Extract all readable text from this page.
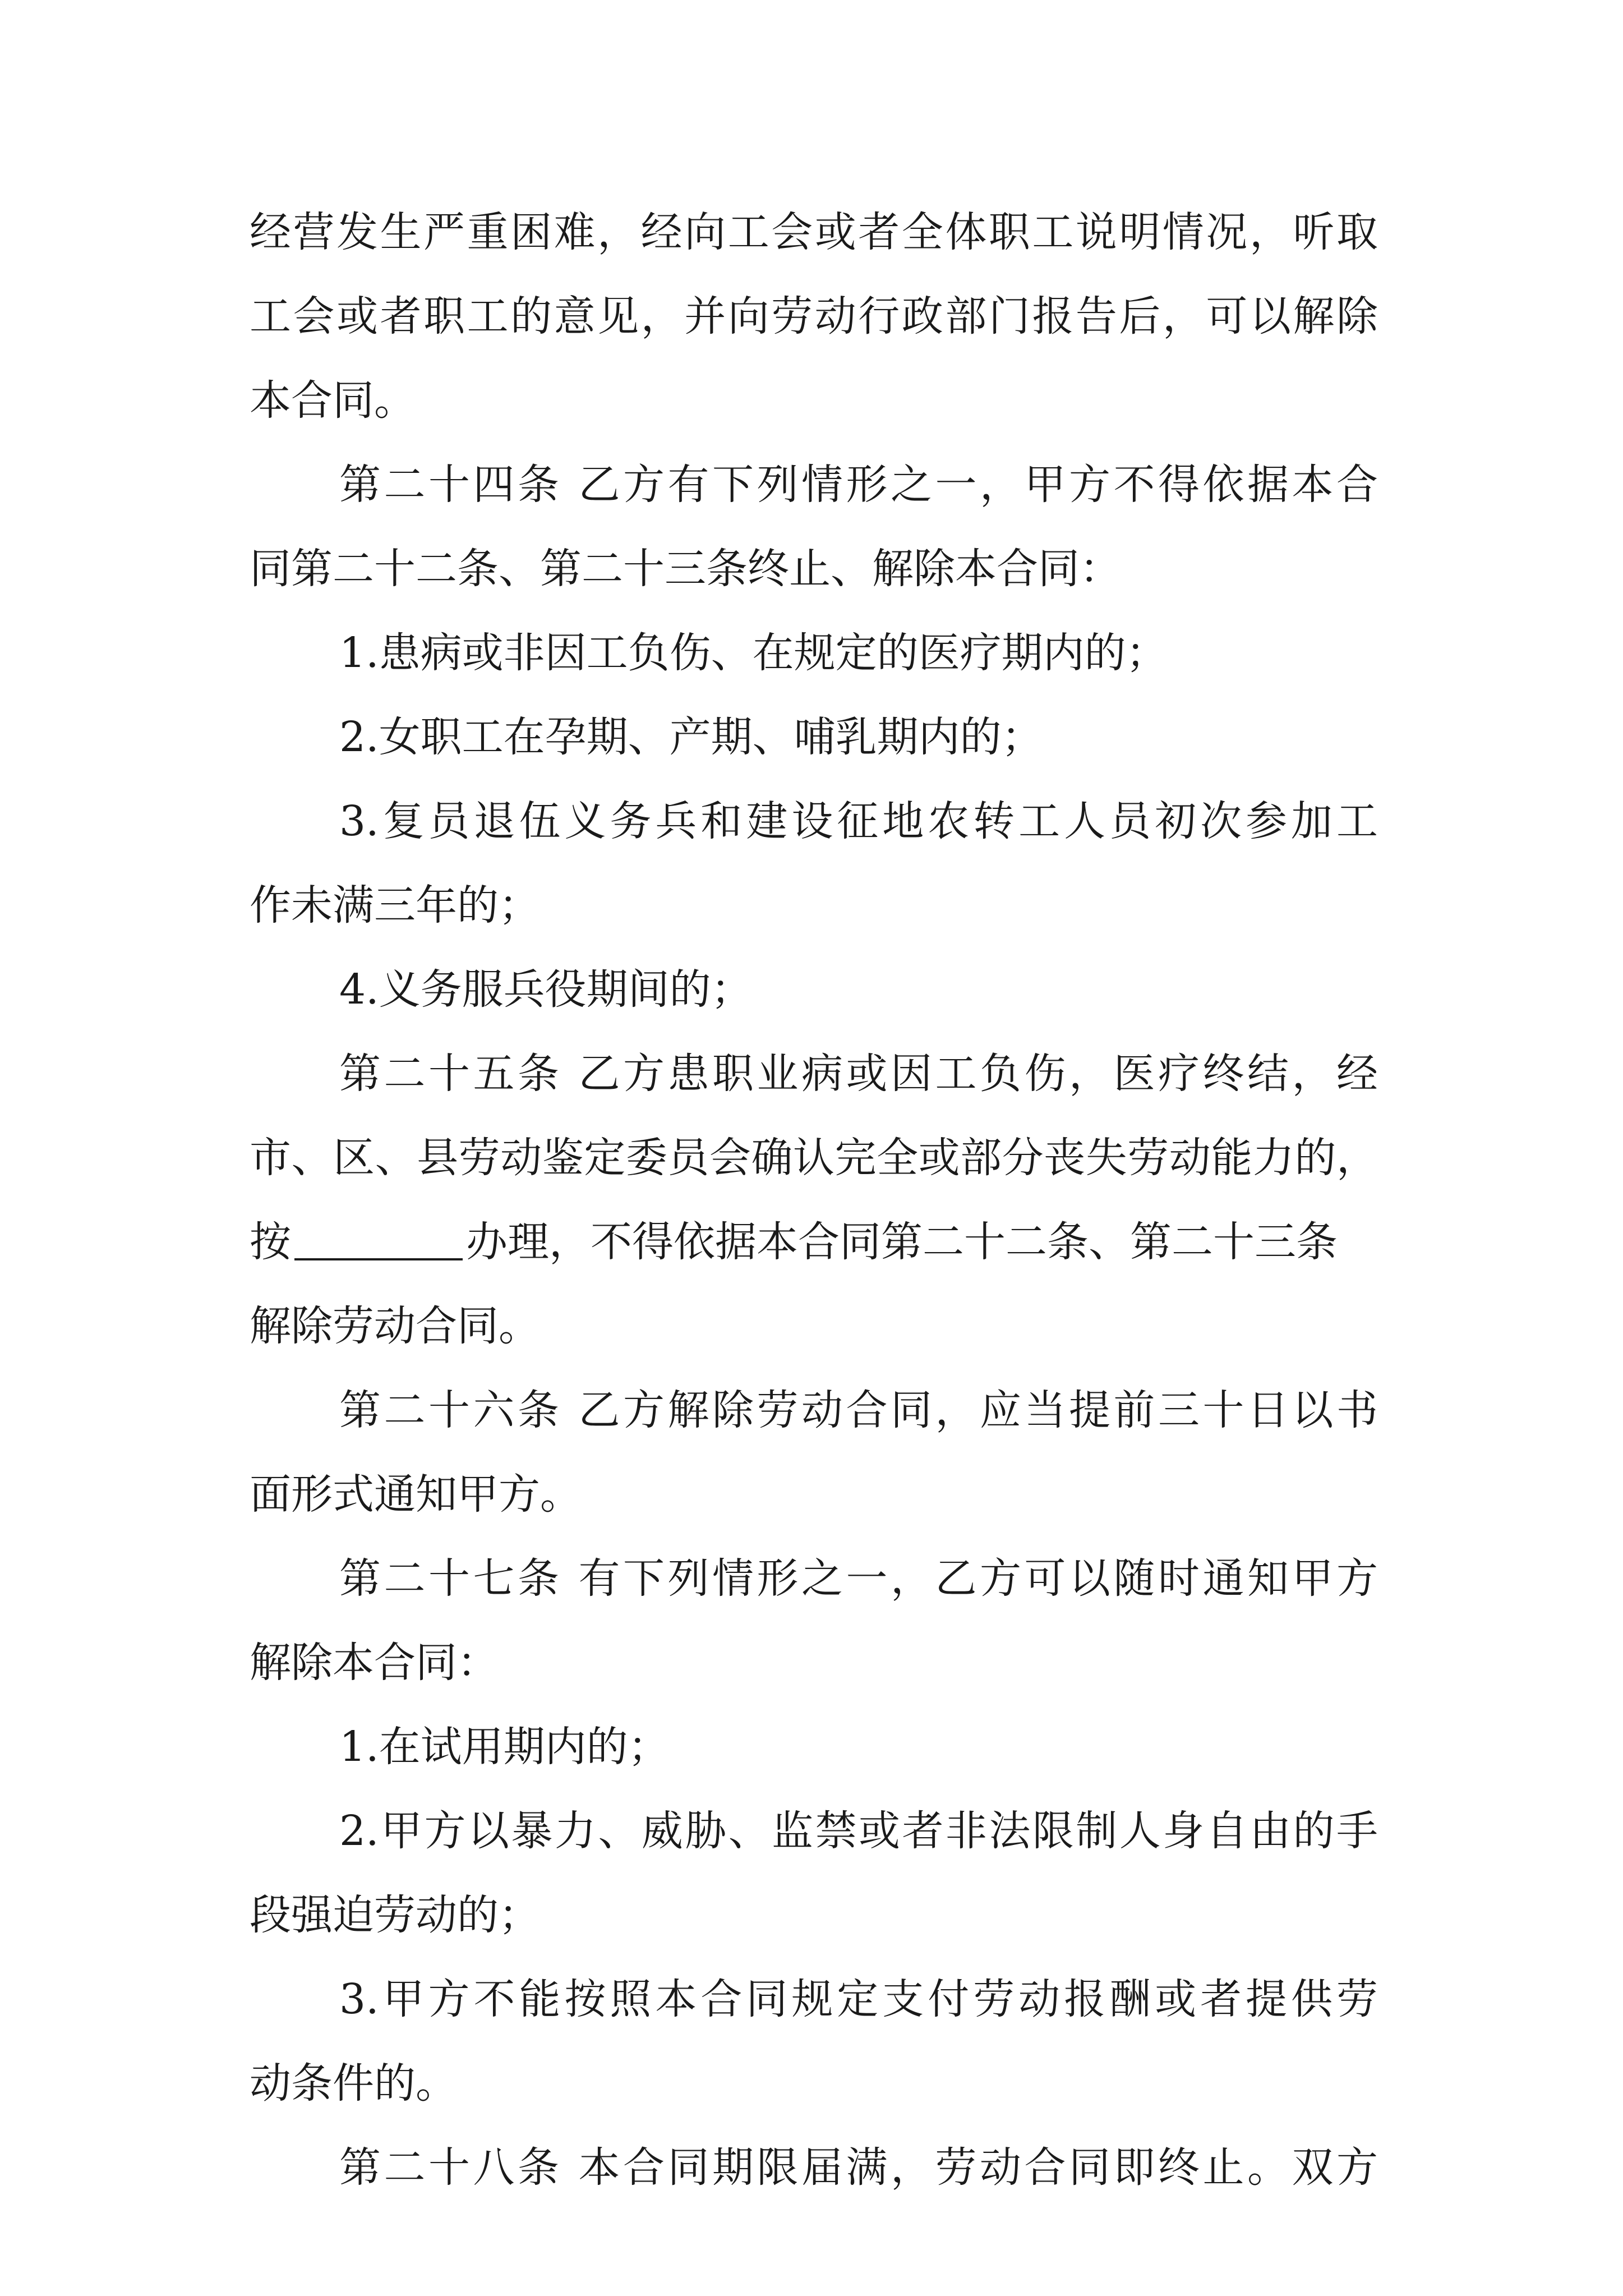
经营发生严重困难，经向工会或者全体职工说明情况，听取
工会或者职工的意见，并向劳动行政部门报告后，可以解除
本合同。
第二十四条 乙方有下列情形之一，甲方不得依据本合
同第二十二条、第二十三条终止、解除本合同：
1.患病或非因工负伤、在规定的医疗期内的；
2.女职工在孕期、产期、哺乳期内的；
3.复员退伍义务兵和建设征地农转工人员初次参加工
作未满三年的；
4.义务服兵役期间的；
第二十五条 乙方患职业病或因工负伤，医疗终结，经
市、区、县劳动鉴定委员会确认完全或部分丧失劳动能力的，
按	办理，不得依据本合同第二十二条、第二十三条
解除劳动合同。
第二十六条 乙方解除劳动合同，应当提前三十日以书
面形式通知甲方。
第二十七条 有下列情形之一，乙方可以随时通知甲方
解除本合同：
1.在试用期内的；
2.甲方以暴力、威胁、监禁或者非法限制人身自由的手
段强迫劳动的；
3.甲方不能按照本合同规定支付劳动报酬或者提供劳
动条件的。
第二十八条 本合同期限届满，劳动合同即终止。双方
